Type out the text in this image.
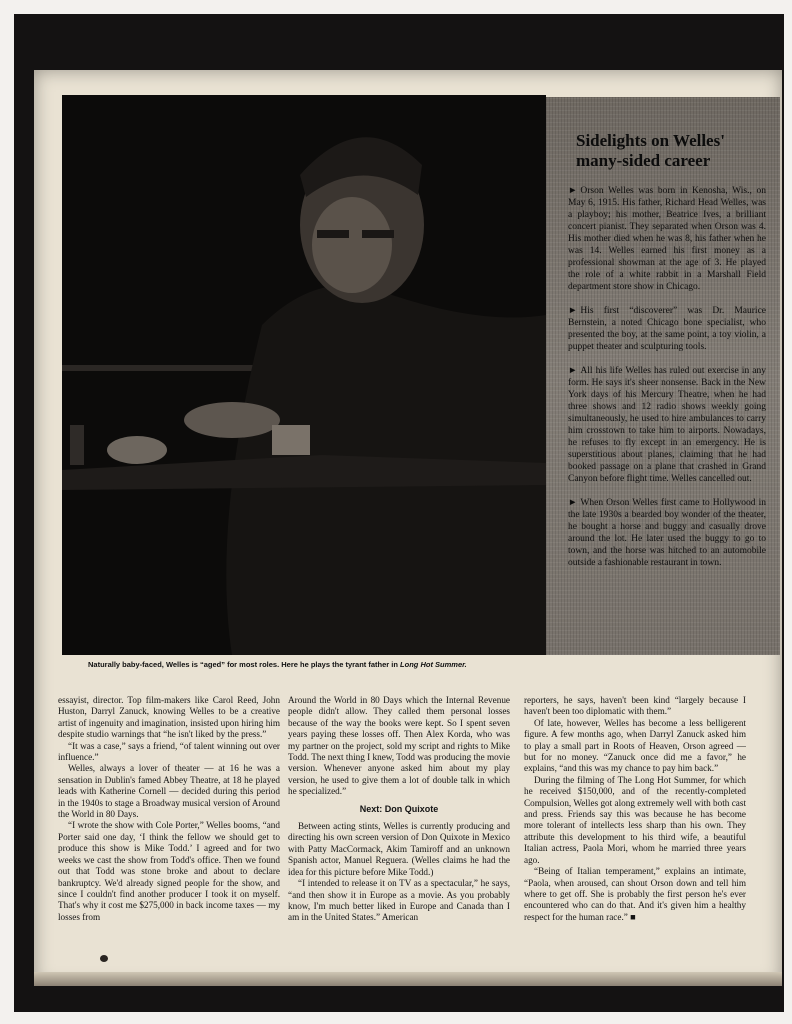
Sidelights on Welles' many-sided career

► Orson Welles was born in Kenosha, Wis., on May 6, 1915. His father, Richard Head Welles, was a playboy; his mother, Beatrice Ives, a brilliant concert pianist. They separated when Orson was 4. His mother died when he was 8, his father when he was 14. Welles earned his first money as a professional showman at the age of 3. He played the role of a white rabbit in a Marshall Field department store show in Chicago.

► His first “discoverer” was Dr. Maurice Bernstein, a noted Chicago bone specialist, who presented the boy, at the same point, a toy violin, a puppet theater and sculpturing tools.

► All his life Welles has ruled out exercise in any form. He says it's sheer nonsense. Back in the New York days of his Mercury Theatre, when he had three shows and 12 radio shows weekly going simultaneously, he used to hire ambulances to carry him crosstown to take him to airports. Nowadays, he refuses to fly except in an emergency. He is superstitious about planes, claiming that he had booked passage on a plane that crashed in Grand Canyon before flight time. Welles cancelled out.

► When Orson Welles first came to Hollywood in the late 1930s a bearded boy wonder of the theater, he bought a horse and buggy and casually drove around the lot. He later used the buggy to go to town, and the horse was hitched to an automobile outside a fashionable restaurant in town.

Naturally baby-faced, Welles is “aged” for most roles. Here he plays the tyrant father in Long Hot Summer.

essayist, director. Top film-makers like Carol Reed, John Huston, Darryl Zanuck, knowing Welles to be a creative artist of ingenuity and imagination, insisted upon hiring him despite studio warnings that “he isn't liked by the press.”

“It was a case,” says a friend, “of talent winning out over influence.”

Welles, always a lover of theater — at 16 he was a sensation in Dublin's famed Abbey Theatre, at 18 he played leads with Katherine Cornell — decided during this period in the 1940s to stage a Broadway musical version of Around the World in 80 Days.

“I wrote the show with Cole Porter,” Welles booms, “and Porter said one day, ‘I think the fellow we should get to produce this show is Mike Todd.’ I agreed and for two weeks we cast the show from Todd's office. Then we found out that Todd was stone broke and about to declare bankruptcy. We'd already signed people for the show, and since I couldn't find another producer I took it on myself. That's why it cost me $275,000 in back income taxes — my losses from

Around the World in 80 Days which the Internal Revenue people didn't allow. They called them personal losses because of the way the books were kept. So I spent seven years paying these losses off. Then Alex Korda, who was my partner on the project, sold my script and rights to Mike Todd. The next thing I knew, Todd was producing the movie version. Whenever anyone asked him about my play version, he used to give them a lot of double talk in which he specialized.”

Next: Don Quixote

Between acting stints, Welles is currently producing and directing his own screen version of Don Quixote in Mexico with Patty MacCormack, Akim Tamiroff and an unknown Spanish actor, Manuel Reguera. (Welles claims he had the idea for this picture before Mike Todd.)

“I intended to release it on TV as a spectacular,” he says, “and then show it in Europe as a movie. As you probably know, I'm much better liked in Europe and Canada than I am in the United States.” American

reporters, he says, haven't been kind “largely because I haven't been too diplomatic with them.”

Of late, however, Welles has become a less belligerent figure. A few months ago, when Darryl Zanuck asked him to play a small part in Roots of Heaven, Orson agreed — but for no money. “Zanuck once did me a favor,” he explains, “and this was my chance to pay him back.”

During the filming of The Long Hot Summer, for which he received $150,000, and of the recently-completed Compulsion, Welles got along extremely well with both cast and press. Friends say this was because he has become more tolerant of intellects less sharp than his own. They attribute this development to his third wife, a beautiful Italian actress, Paola Mori, whom he married three years ago.

“Being of Italian temperament,” explains an intimate, “Paola, when aroused, can shout Orson down and tell him where to get off. She is probably the first person he's ever encountered who can do that. And it's given him a healthy respect for the human race.” ■
